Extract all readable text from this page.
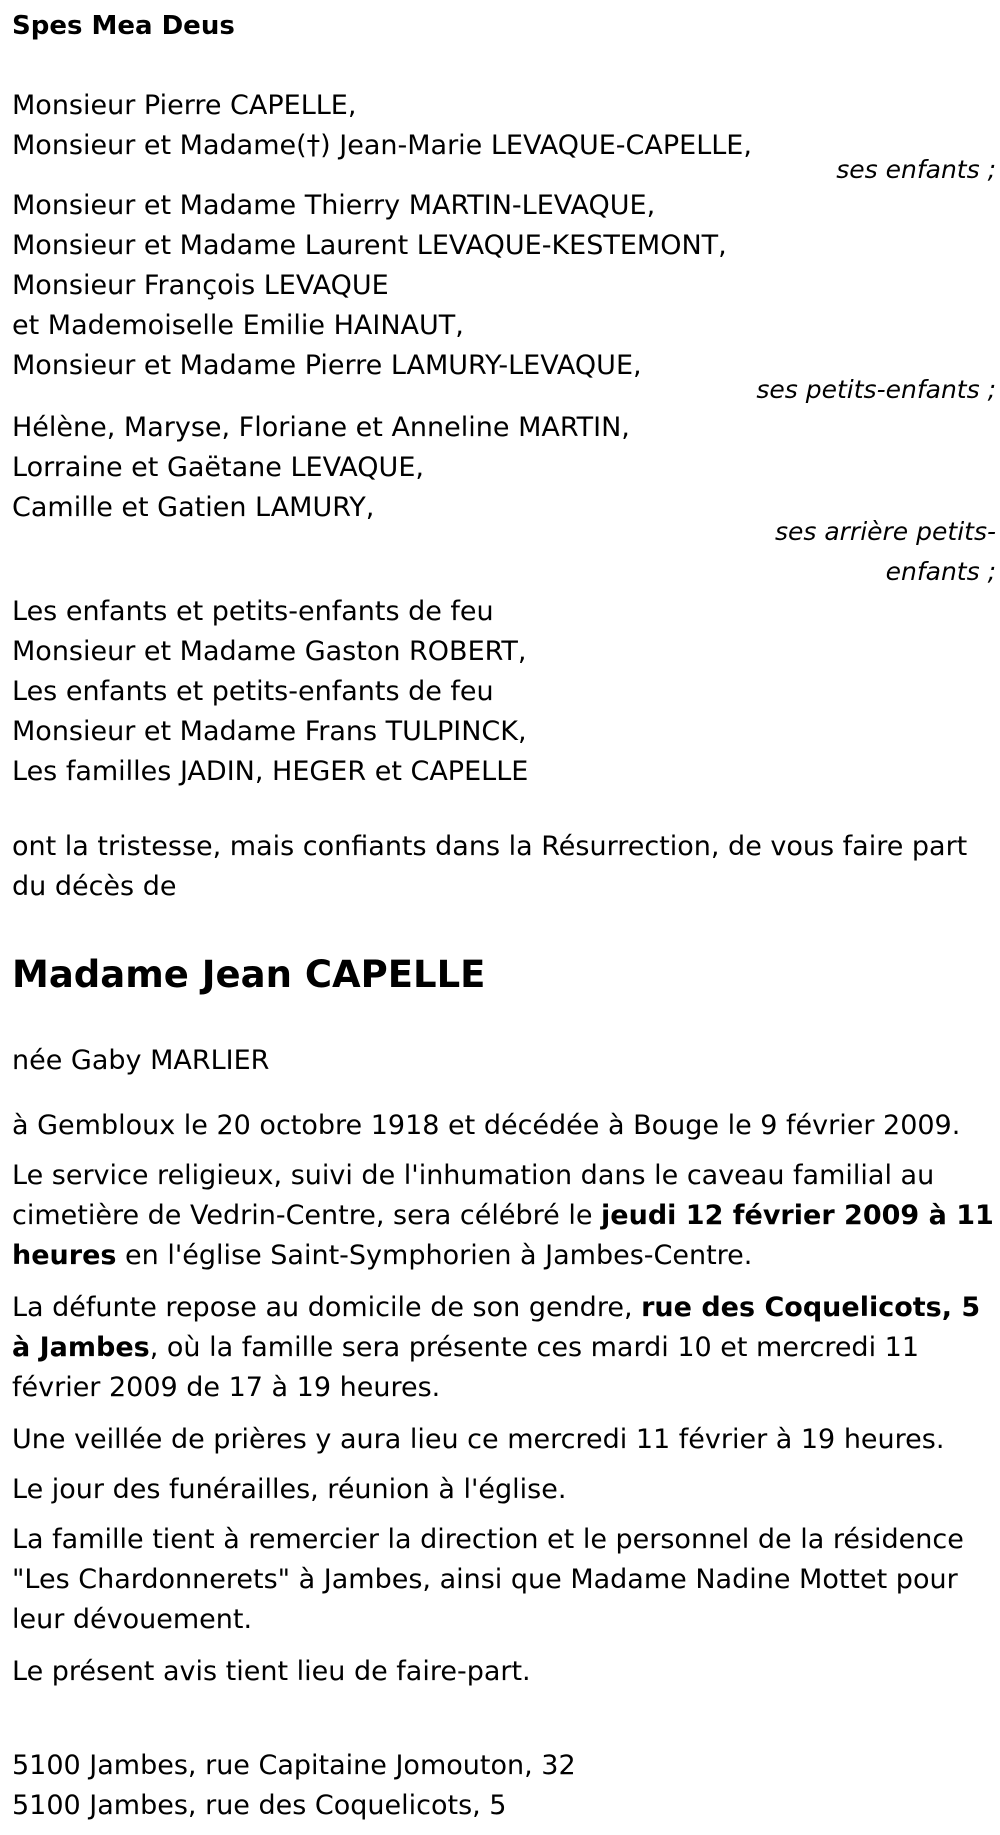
Spes Mea Deus
Monsieur Pierre CAPELLE,
Monsieur et Madame(†) Jean-Marie LEVAQUE-CAPELLE,
ses enfants ;
Monsieur et Madame Thierry MARTIN-LEVAQUE,
Monsieur et Madame Laurent LEVAQUE-KESTEMONT,
Monsieur François LEVAQUE
et Mademoiselle Emilie HAINAUT,
Monsieur et Madame Pierre LAMURY-LEVAQUE,
ses petits-enfants ;
Hélène, Maryse, Floriane et Anneline MARTIN,
Lorraine et Gaëtane LEVAQUE,
Camille et Gatien LAMURY,
ses arrière petits-
enfants ;
Les enfants et petits-enfants de feu
Monsieur et Madame Gaston ROBERT,
Les enfants et petits-enfants de feu
Monsieur et Madame Frans TULPINCK,
Les familles JADIN, HEGER et CAPELLE
ont la tristesse, mais confiants dans la Résurrection, de vous faire part
du décès de
Madame Jean CAPELLE
née Gaby MARLIER
à Gembloux le 20 octobre 1918 et décédée à Bouge le 9 février 2009.
Le service religieux, suivi de l'inhumation dans le caveau familial au cimetière de Vedrin-Centre, sera célébré le jeudi 12 février 2009 à 11 heures en l'église Saint-Symphorien à Jambes-Centre.
La défunte repose au domicile de son gendre, rue des Coquelicots, 5 à Jambes, où la famille sera présente ces mardi 10 et mercredi 11 février 2009 de 17 à 19 heures.
Une veillée de prières y aura lieu ce mercredi 11 février à 19 heures.
Le jour des funérailles, réunion à l'église.
La famille tient à remercier la direction et le personnel de la résidence "Les Chardonnerets" à Jambes, ainsi que Madame Nadine Mottet pour leur dévouement.
Le présent avis tient lieu de faire-part.
5100 Jambes, rue Capitaine Jomouton, 32
5100 Jambes, rue des Coquelicots, 5
